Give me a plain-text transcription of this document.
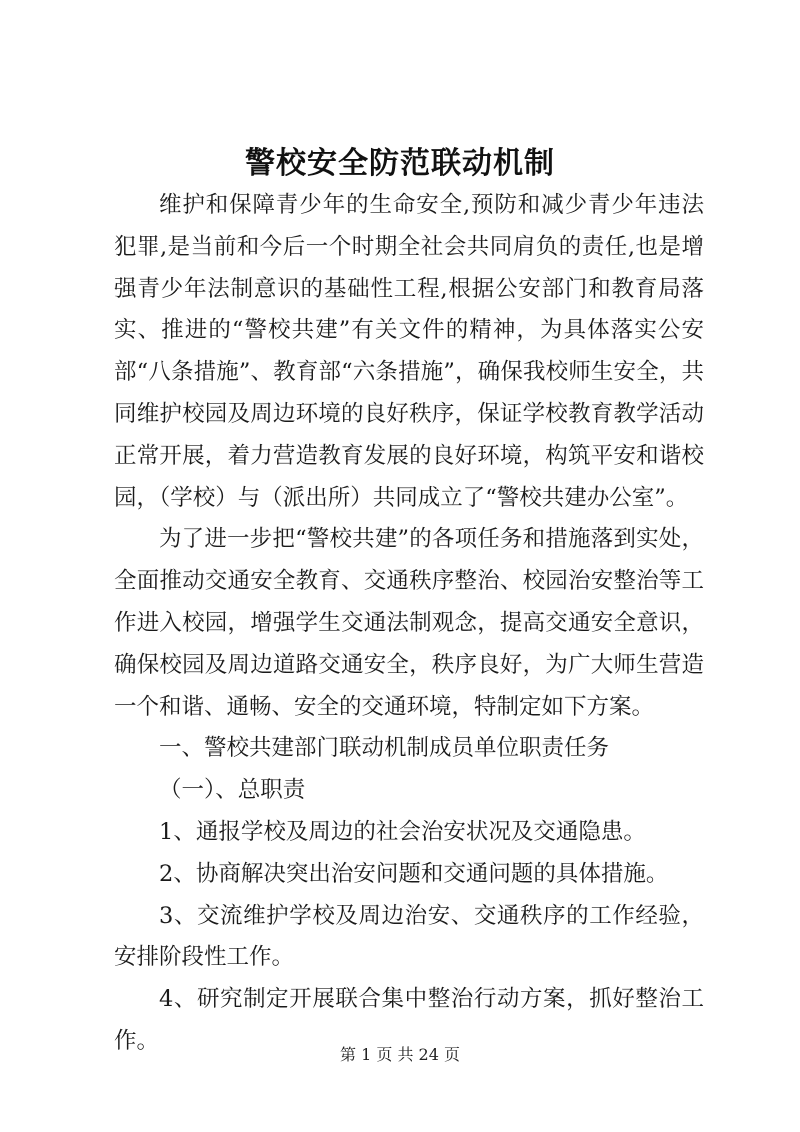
警校安全防范联动机制

维护和保障青少年的生命安全,预防和减少青少年违法犯罪,是当前和今后一个时期全社会共同肩负的责任,也是增强青少年法制意识的基础性工程,根据公安部门和教育局落实、推进的“警校共建”有关文件的精神，为具体落实公安部“八条措施”、教育部“六条措施”，确保我校师生安全，共同维护校园及周边环境的良好秩序，保证学校教育教学活动正常开展，着力营造教育发展的良好环境，构筑平安和谐校园，（学校）与（派出所）共同成立了“警校共建办公室”。

为了进一步把“警校共建”的各项任务和措施落到实处，全面推动交通安全教育、交通秩序整治、校园治安整治等工作进入校园，增强学生交通法制观念，提高交通安全意识，确保校园及周边道路交通安全，秩序良好，为广大师生营造一个和谐、通畅、安全的交通环境，特制定如下方案。

一、警校共建部门联动机制成员单位职责任务

（一）、总职责

1、通报学校及周边的社会治安状况及交通隐患。

2、协商解决突出治安问题和交通问题的具体措施。

3、交流维护学校及周边治安、交通秩序的工作经验，安排阶段性工作。

4、研究制定开展联合集中整治行动方案，抓好整治工作。

第 1 页 共 24 页
